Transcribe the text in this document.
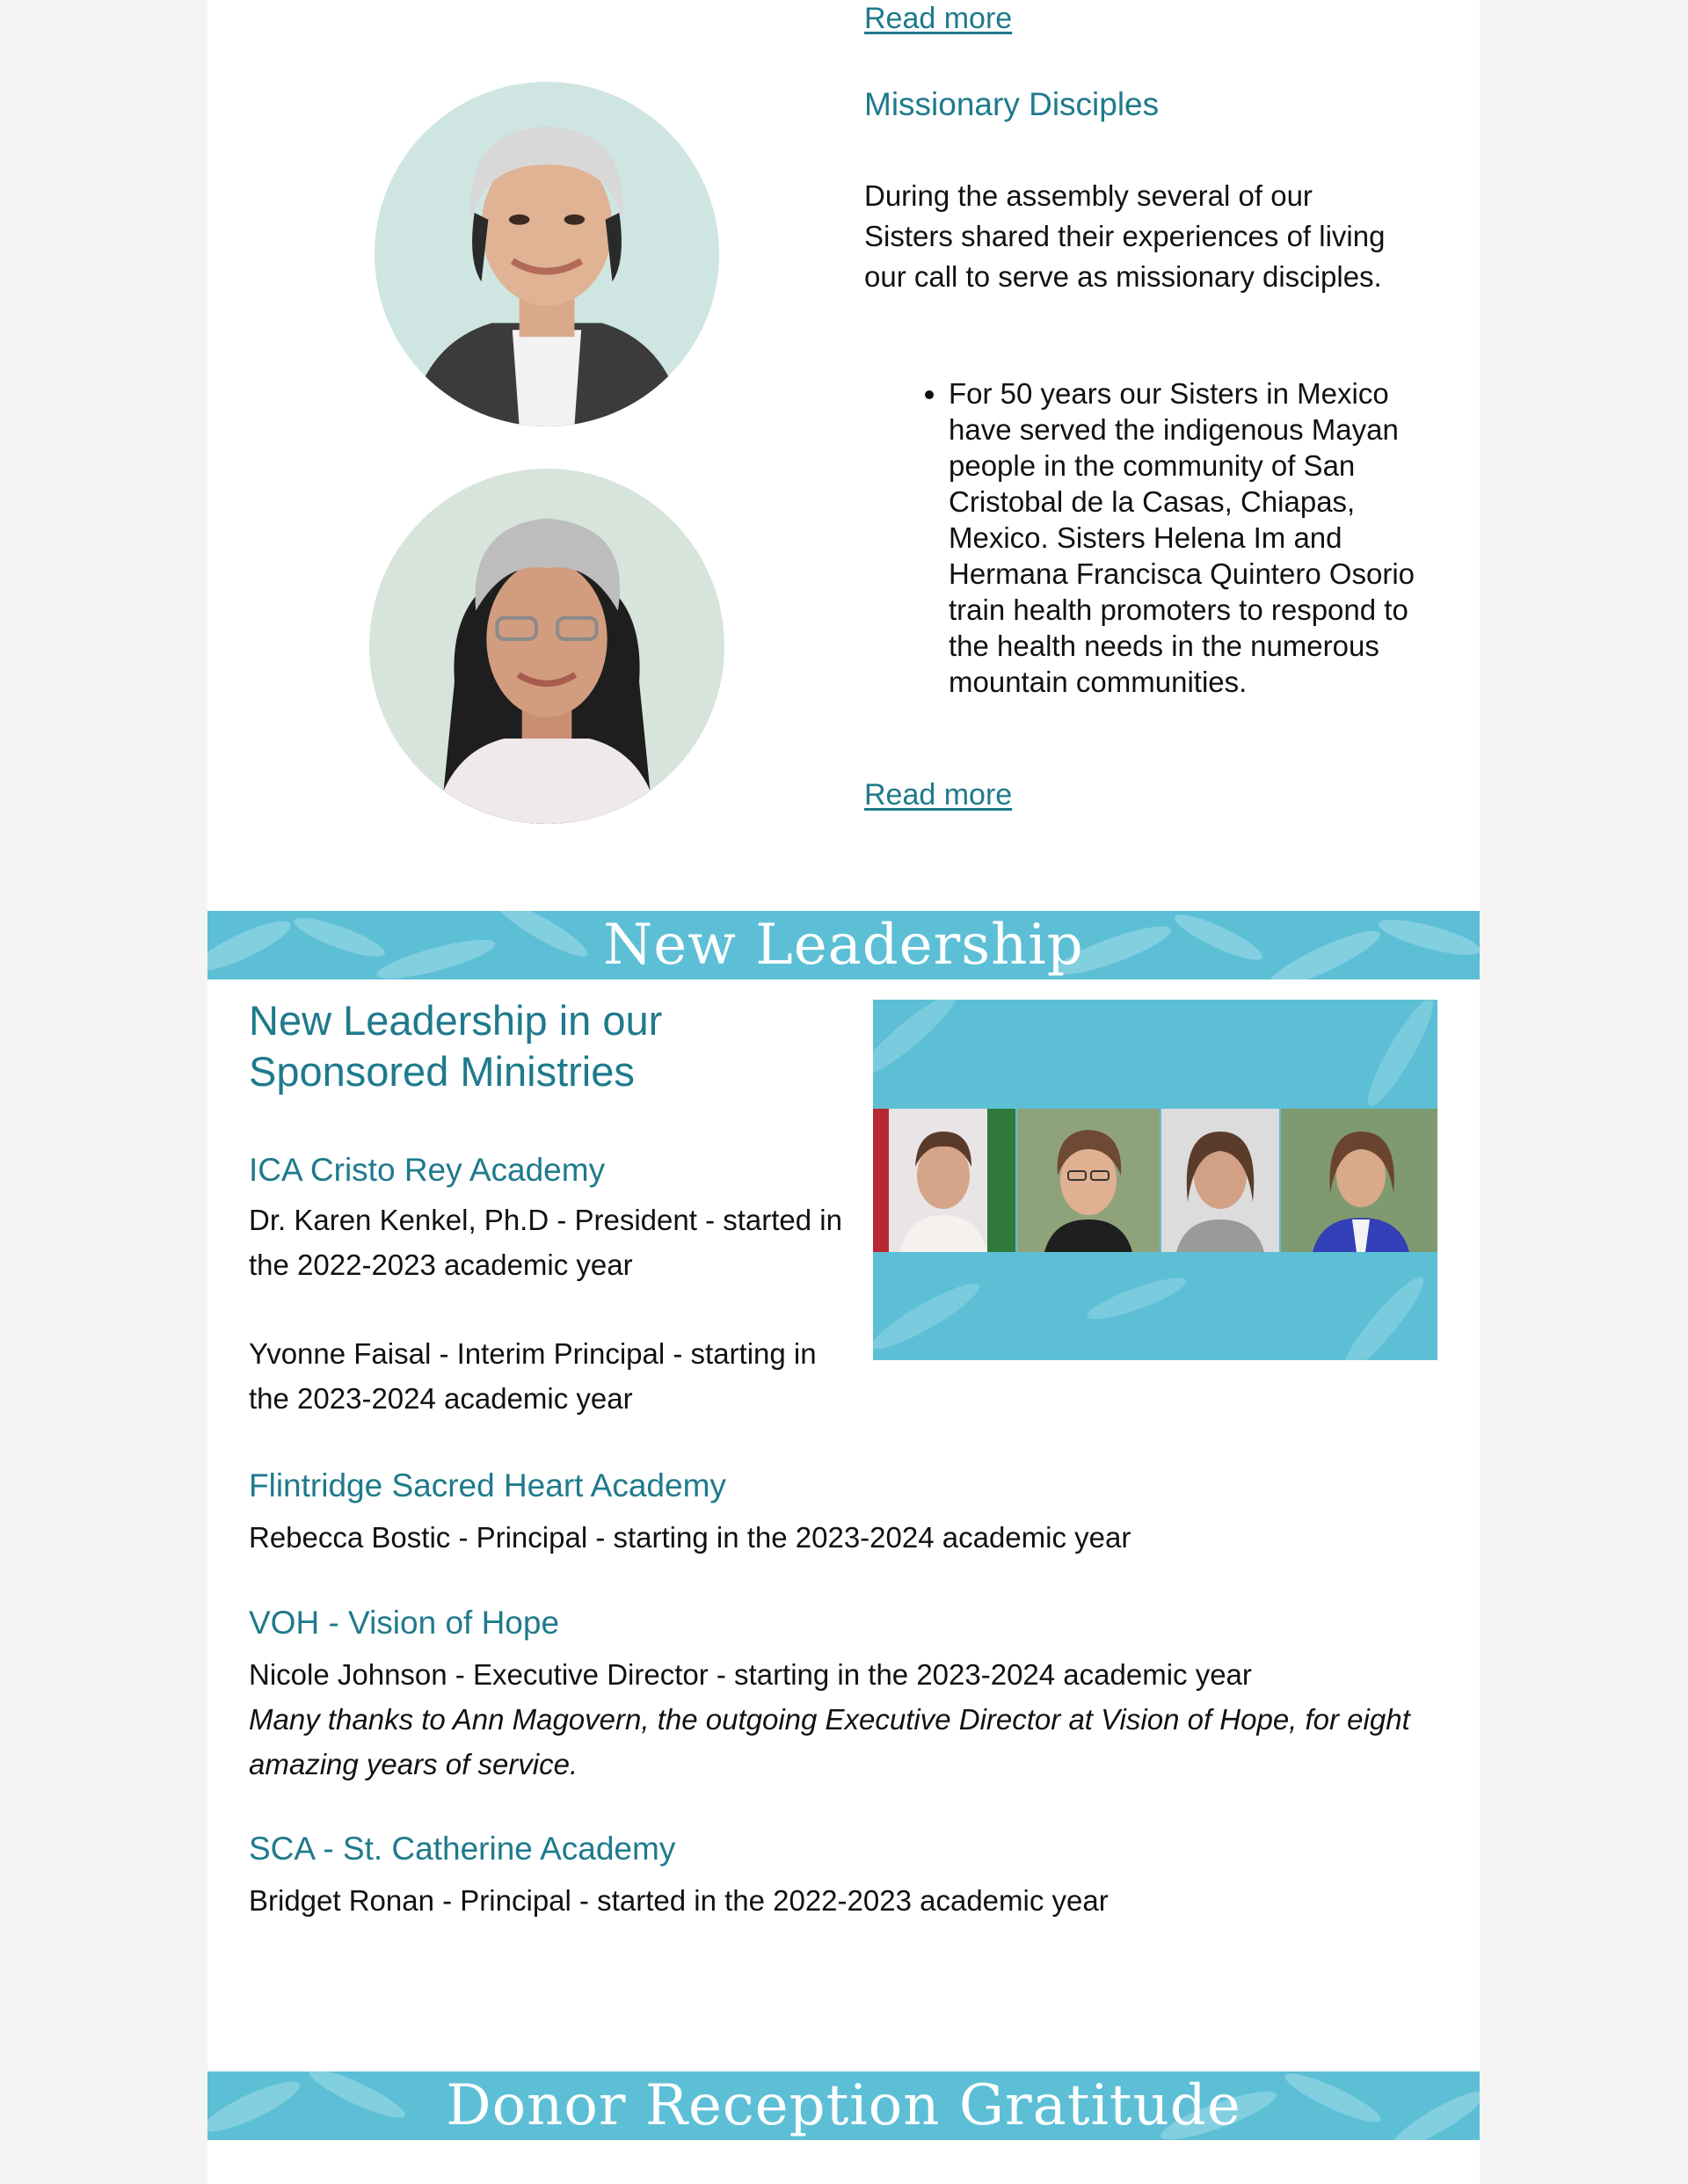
Read more
Missionary Disciples
During the assembly several of our Sisters shared their experiences of living our call to serve as missionary disciples.
• For 50 years our Sisters in Mexico have served the indigenous Mayan people in the community of San Cristobal de la Casas, Chiapas, Mexico. Sisters Helena Im and Hermana Francisca Quintero Osorio train health promoters to respond to the health needs in the numerous mountain communities.
Read more
New Leadership
New Leadership in our Sponsored Ministries
ICA Cristo Rey Academy
Dr. Karen Kenkel, Ph.D - President - started in the 2022-2023 academic year
Yvonne Faisal - Interim Principal - starting in the 2023-2024 academic year
Flintridge Sacred Heart Academy
Rebecca Bostic - Principal - starting in the 2023-2024 academic year
VOH - Vision of Hope
Nicole Johnson - Executive Director - starting in the 2023-2024 academic year
Many thanks to Ann Magovern, the outgoing Executive Director at Vision of Hope, for eight amazing years of service.
SCA - St. Catherine Academy
Bridget Ronan - Principal - started in the 2022-2023 academic year
Donor Reception Gratitude
